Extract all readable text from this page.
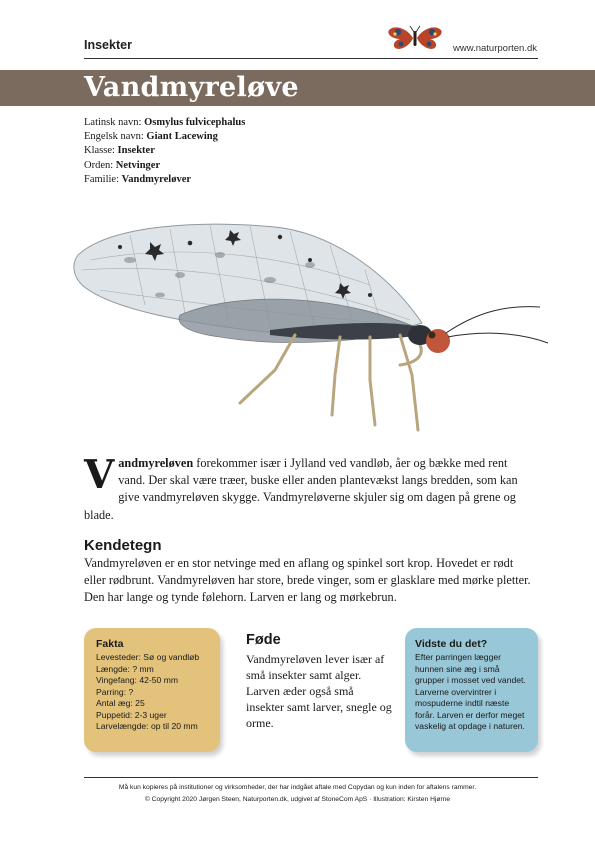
Insekter	www.naturporten.dk
Vandmyreløve
Latinsk navn: Osmylus fulvicephalus
Engelsk navn: Giant Lacewing
Klasse: Insekter
Orden: Netvinger
Familie: Vandmyreløver
Vandmyreløven forekommer især i Jylland ved vandløb, åer og bække med rent vand. Der skal være træer, buske eller anden plantevækst langs bredden, som kan give vandmyreløven skygge. Vandmyreløverne skjuler sig om dagen på grene og blade.
Kendetegn
Vandmyreløven er en stor netvinge med en aflang og spinkel sort krop. Hovedet er rødt eller rødbrunt. Vandmyreløven har store, brede vinger, som er glasklare med mørke pletter. Den har lange og tynde følehorn. Larven er lang og mørkebrun.
Fakta
Levesteder: Sø og vandløb
Længde: ? mm
Vingefang: 42-50 mm
Parring: ?
Antal æg: 25
Puppetid: 2-3 uger
Larvelængde: op til 20 mm
Føde
Vandmyreløven lever især af små insekter samt alger. Larven æder også små insekter samt larver, snegle og orme.
Vidste du det?
Efter parringen lægger hunnen sine æg i små grupper i mosset ved vandet. Larverne overvintrer i mospuderne indtil næste forår. Larven er derfor meget vaskelig at opdage i naturen.
Må kun kopieres på institutioner og virksomheder, der har indgået aftale med Copydan og kun inden for aftalens rammer.
© Copyright 2020 Jørgen Steen, Naturporten.dk, udgivet af StoneCom ApS · Illustration: Kirsten Hjørne
